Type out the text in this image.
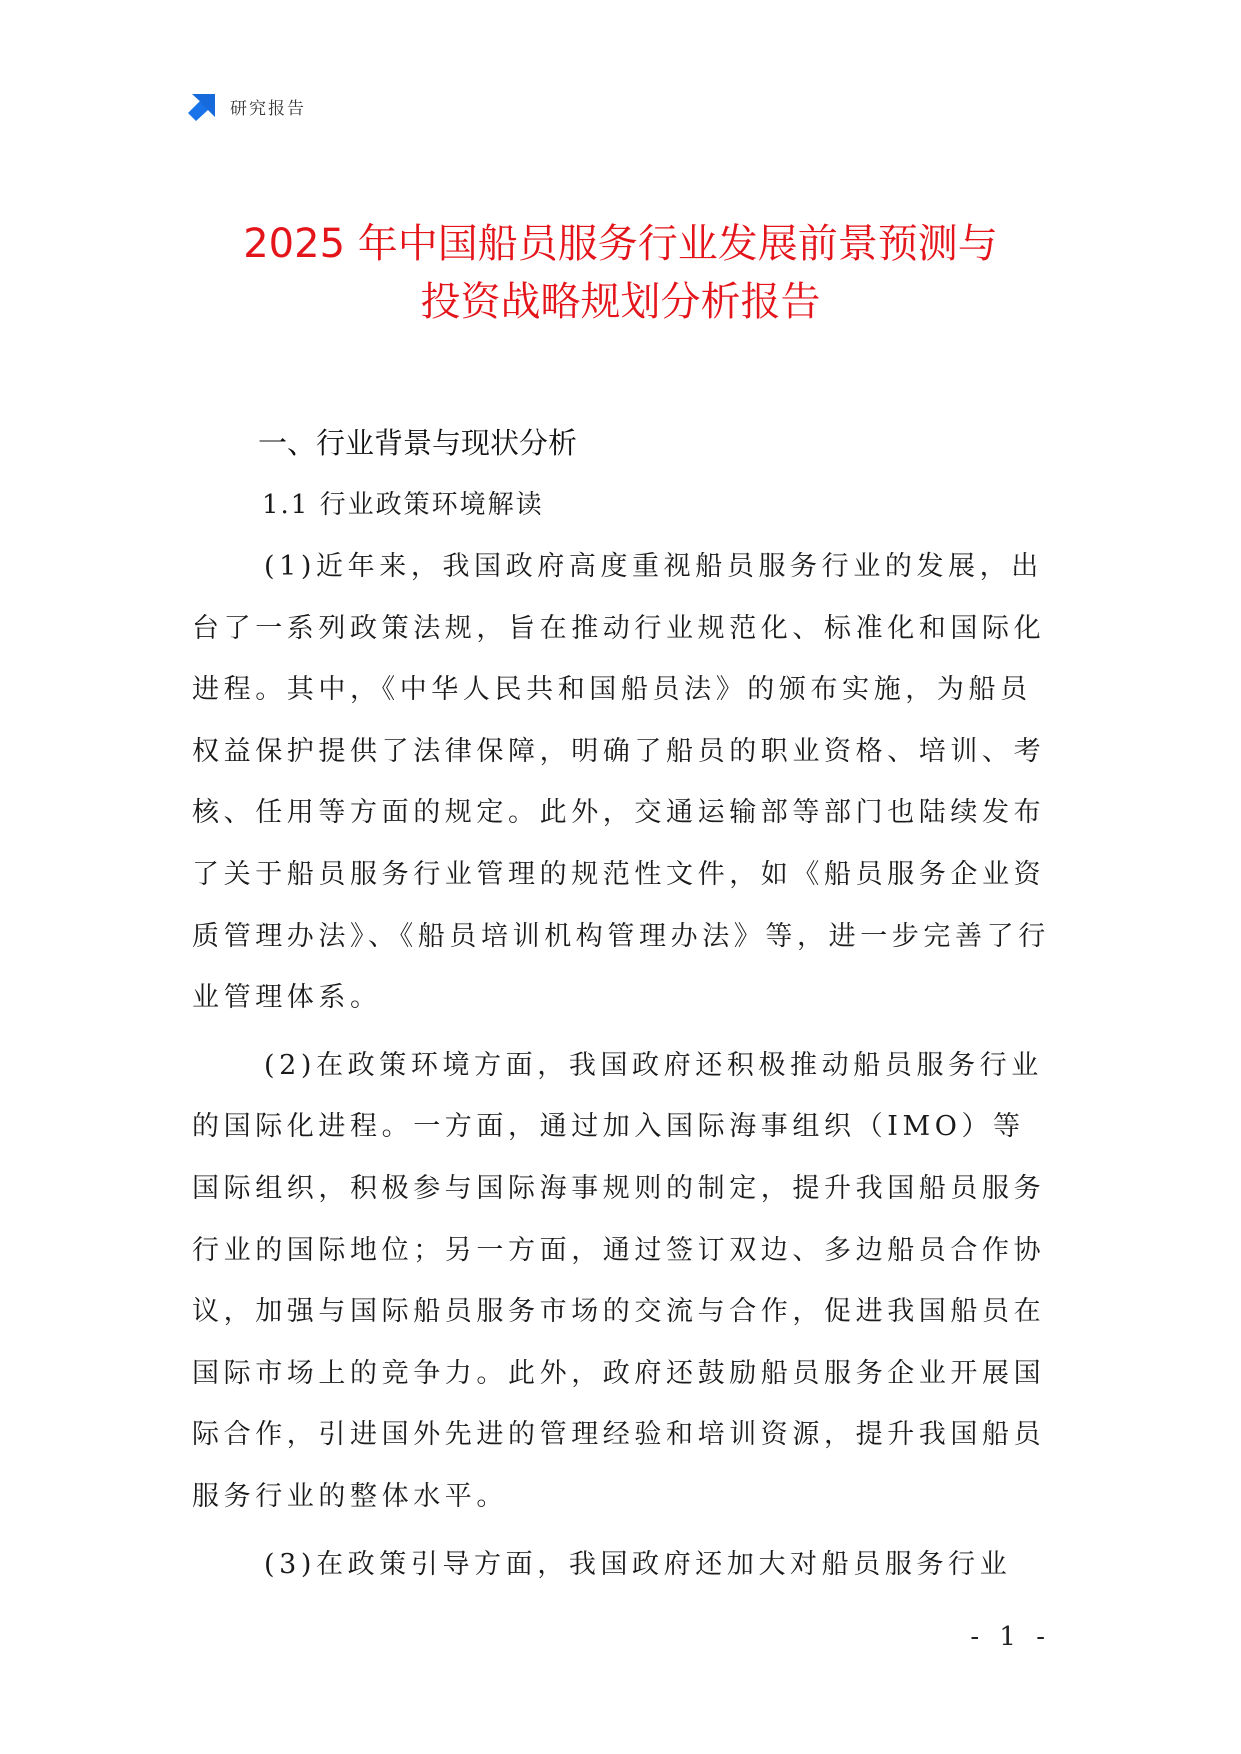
研究报告
2025 年中国船员服务行业发展前景预测与
投资战略规划分析报告
一、行业背景与现状分析
1.1 行业政策环境解读

(1)近年来，我国政府高度重视船员服务行业的发展，出台了一系列政策法规，旨在推动行业规范化、标准化和国际化进程。其中，《中华人民共和国船员法》的颁布实施，为船员权益保护提供了法律保障，明确了船员的职业资格、培训、考核、任用等方面的规定。此外，交通运输部等部门也陆续发布了关于船员服务行业管理的规范性文件，如《船员服务企业资质管理办法》、《船员培训机构管理办法》等，进一步完善了行业管理体系。

(2)在政策环境方面，我国政府还积极推动船员服务行业的国际化进程。一方面，通过加入国际海事组织（IMO）等国际组织，积极参与国际海事规则的制定，提升我国船员服务行业的国际地位；另一方面，通过签订双边、多边船员合作协议，加强与国际船员服务市场的交流与合作，促进我国船员在国际市场上的竞争力。此外，政府还鼓励船员服务企业开展国际合作，引进国外先进的管理经验和培训资源，提升我国船员服务行业的整体水平。

(3)在政策引导方面，我国政府还加大对船员服务行业

- 1 -
